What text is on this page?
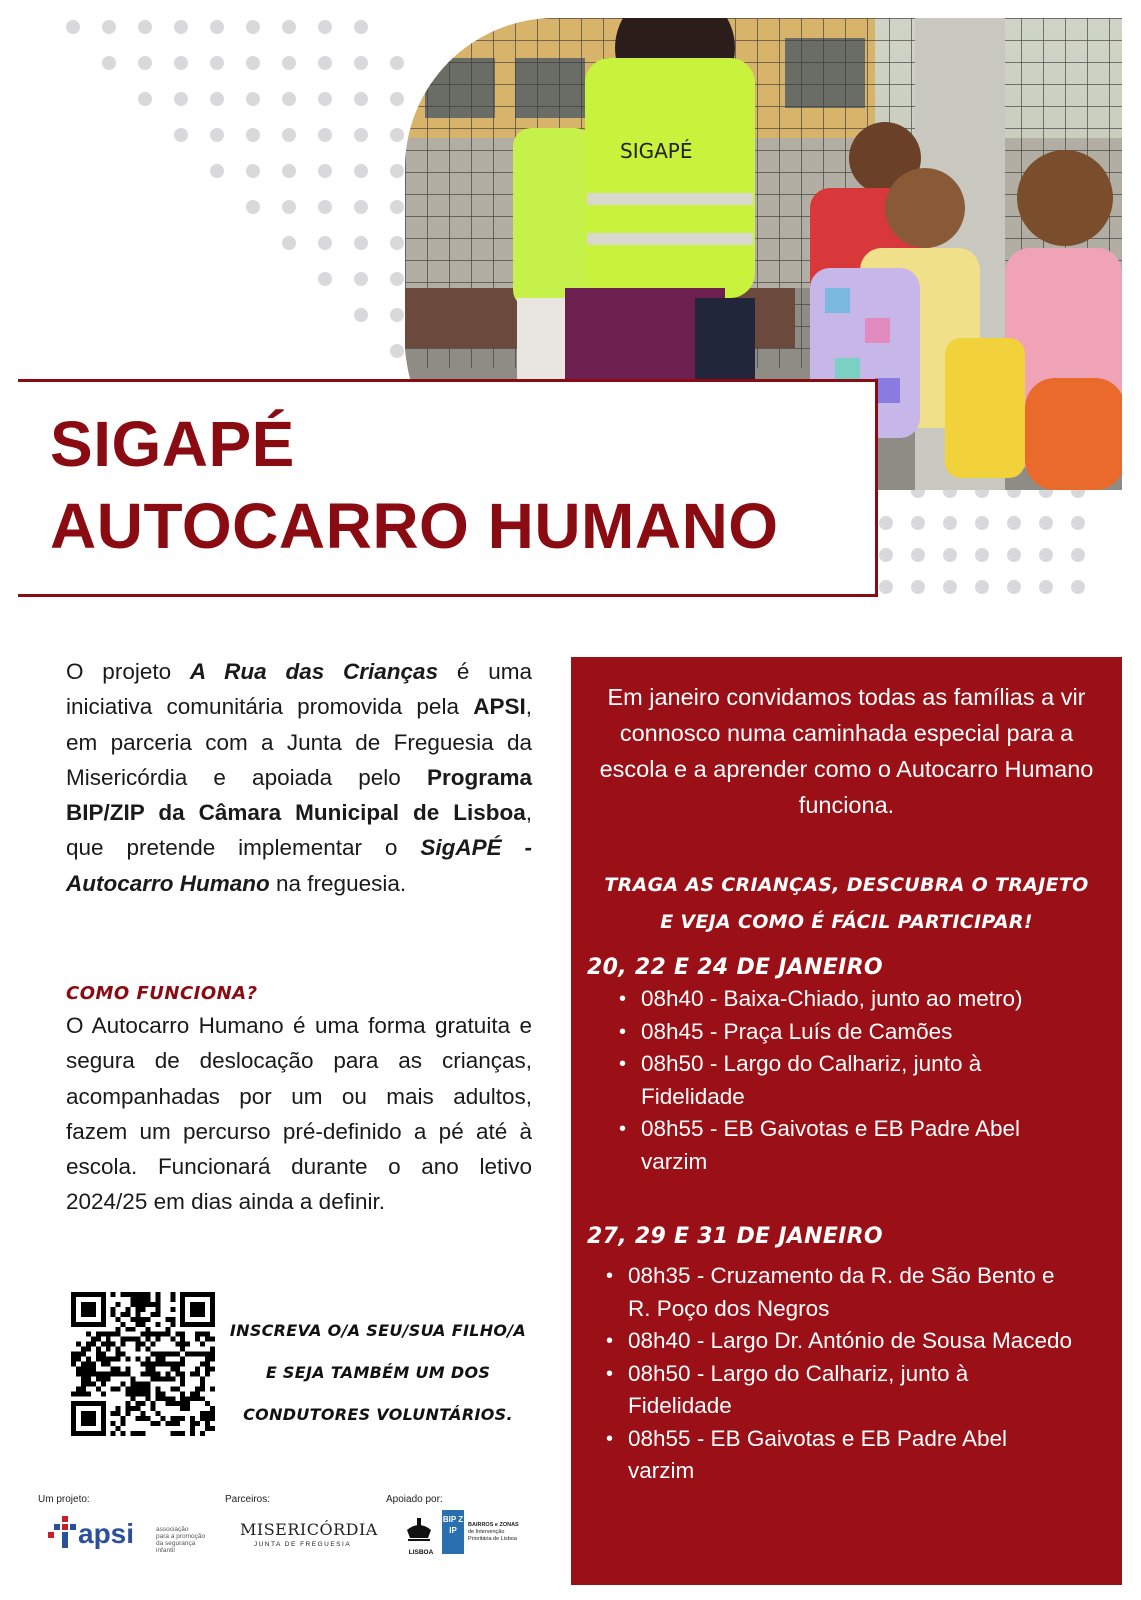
SIGAPÉ
SIGAPÉ
AUTOCARRO HUMANO
O projeto A Rua das Crianças é uma iniciativa comunitária promovida pela APSI, em parceria com a Junta de Freguesia da Misericórdia e apoiada pelo Programa BIP/ZIP da Câmara Municipal de Lisboa, que pretende implementar o SigAPÉ - Autocarro Humano na freguesia.
COMO FUNCIONA?
O Autocarro Humano é uma forma gratuita e segura de deslocação para as crianças, acompanhadas por um ou mais adultos, fazem um percurso pré-definido a pé até à escola. Funcionará durante o ano letivo 2024/25 em dias ainda a definir.
INSCREVA O/A SEU/SUA FILHO/A
E SEJA TAMBÉM UM DOS
CONDUTORES VOLUNTÁRIOS.
Um projeto:	Parceiros:	Apoiado por:
apsi	associação
para a promoção
da segurança infantil
MISERICÓRDIA
JUNTA DE FREGUESIA
LISBOA
BIP ZIP
BAIRROS e ZONAS
de Intervenção
Prioritária de Lisboa
Em janeiro convidamos todas as famílias a vir connosco numa caminhada especial para a escola e a aprender como o Autocarro Humano funciona.
TRAGA AS CRIANÇAS, DESCUBRA O TRAJETO
E VEJA COMO É FÁCIL PARTICIPAR!
20, 22 E 24 DE JANEIRO
• 08h40 - Baixa-Chiado, junto ao metro)
• 08h45 - Praça Luís de Camões
• 08h50 - Largo do Calhariz, junto à Fidelidade
• 08h55 - EB Gaivotas e EB Padre Abel varzim
27, 29 E 31 DE JANEIRO
• 08h35 - Cruzamento da R. de São Bento e R. Poço dos Negros
• 08h40 - Largo Dr. António de Sousa Macedo
• 08h50 - Largo do Calhariz, junto à Fidelidade
• 08h55 - EB Gaivotas e EB Padre Abel varzim
